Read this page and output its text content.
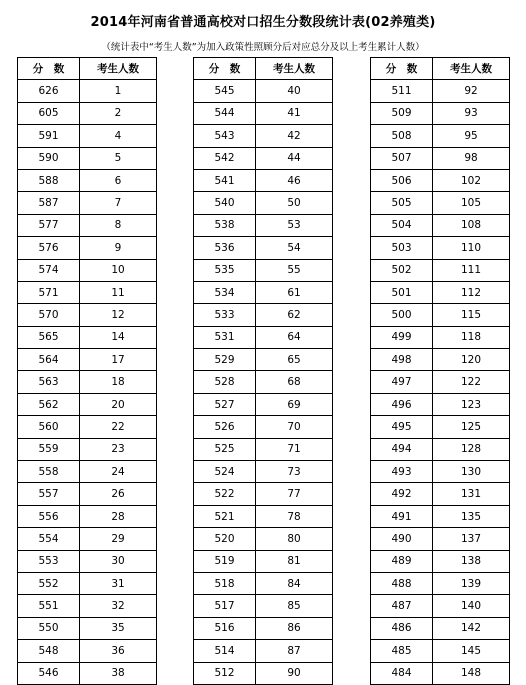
2014年河南省普通高校对口招生分数段统计表(02养殖类)
（统计表中“考生人数”为加入政策性照顾分后对应总分及以上考生累计人数）
分　数	考生人数
626	1
605	2
591	4
590	5
588	6
587	7
577	8
576	9
574	10
571	11
570	12
565	14
564	17
563	18
562	20
560	22
559	23
558	24
557	26
556	28
554	29
553	30
552	31
551	32
550	35
548	36
546	38
分　数	考生人数
545	40
544	41
543	42
542	44
541	46
540	50
538	53
536	54
535	55
534	61
533	62
531	64
529	65
528	68
527	69
526	70
525	71
524	73
522	77
521	78
520	80
519	81
518	84
517	85
516	86
514	87
512	90
分　数	考生人数
511	92
509	93
508	95
507	98
506	102
505	105
504	108
503	110
502	111
501	112
500	115
499	118
498	120
497	122
496	123
495	125
494	128
493	130
492	131
491	135
490	137
489	138
488	139
487	140
486	142
485	145
484	148
